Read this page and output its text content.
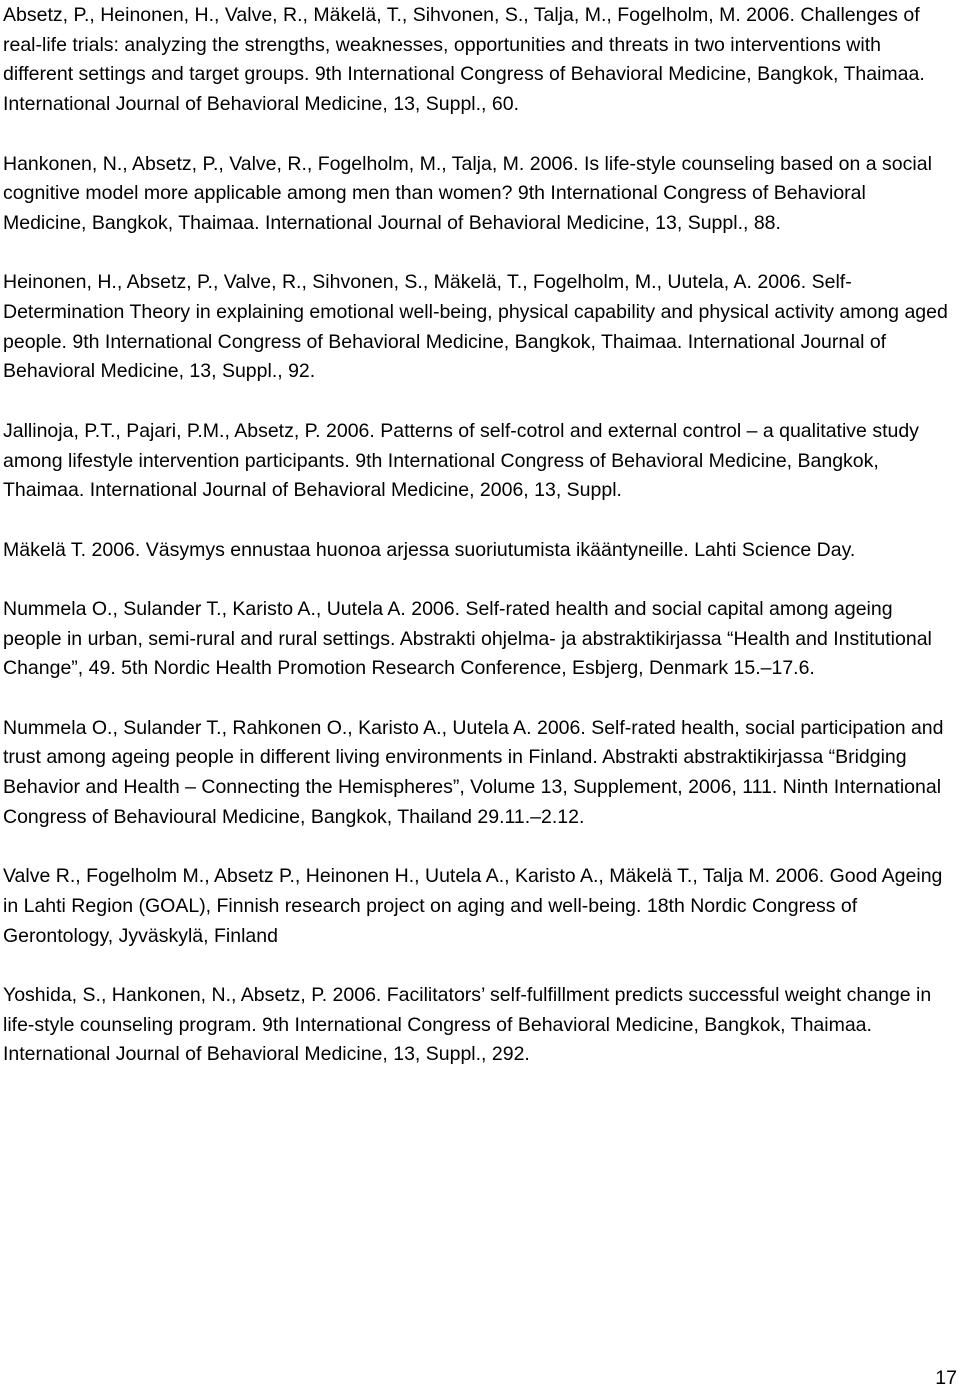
Absetz, P., Heinonen, H., Valve, R., Mäkelä, T., Sihvonen, S., Talja, M., Fogelholm, M. 2006. Challenges of real-life trials: analyzing the strengths, weaknesses, opportunities and threats in two interventions with different settings and target groups. 9th International Congress of Behavioral Medicine, Bangkok, Thaimaa. International Journal of Behavioral Medicine, 13, Suppl., 60.

Hankonen, N., Absetz, P., Valve, R., Fogelholm, M., Talja, M. 2006. Is life-style counseling based on a social cognitive model more applicable among men than women? 9th International Congress of Behavioral Medicine, Bangkok, Thaimaa. International Journal of Behavioral Medicine, 13, Suppl., 88.

Heinonen, H., Absetz, P., Valve, R., Sihvonen, S., Mäkelä, T., Fogelholm, M., Uutela, A. 2006. Self-Determination Theory in explaining emotional well-being, physical capability and physical activity among aged people. 9th International Congress of Behavioral Medicine, Bangkok, Thaimaa. International Journal of Behavioral Medicine, 13, Suppl., 92.

Jallinoja, P.T., Pajari, P.M., Absetz, P. 2006. Patterns of self-cotrol and external control – a qualitative study among lifestyle intervention participants. 9th International Congress of Behavioral Medicine, Bangkok, Thaimaa. International Journal of Behavioral Medicine, 2006, 13, Suppl.

Mäkelä T. 2006. Väsymys ennustaa huonoa arjessa suoriutumista ikääntyneille. Lahti Science Day.

Nummela O., Sulander T., Karisto A., Uutela A. 2006. Self-rated health and social capital among ageing people in urban, semi-rural and rural settings. Abstrakti ohjelma- ja abstraktikirjassa “Health and Institutional Change”, 49. 5th Nordic Health Promotion Research Conference, Esbjerg, Denmark 15.–17.6.

Nummela O., Sulander T., Rahkonen O., Karisto A., Uutela A. 2006. Self-rated health, social participation and trust among ageing people in different living environments in Finland. Abstrakti abstraktikirjassa “Bridging Behavior and Health – Connecting the Hemispheres”, Volume 13, Supplement, 2006, 111. Ninth International Congress of Behavioural Medicine, Bangkok, Thailand 29.11.–2.12.

Valve R., Fogelholm M., Absetz P., Heinonen H., Uutela A., Karisto A., Mäkelä T., Talja M. 2006. Good Ageing in Lahti Region (GOAL), Finnish research project on aging and well-being. 18th Nordic Congress of Gerontology, Jyväskylä, Finland

Yoshida, S., Hankonen, N., Absetz, P. 2006. Facilitators’ self-fulfillment predicts successful weight change in life-style counseling program. 9th International Congress of Behavioral Medicine, Bangkok, Thaimaa. International Journal of Behavioral Medicine, 13, Suppl., 292.

17
